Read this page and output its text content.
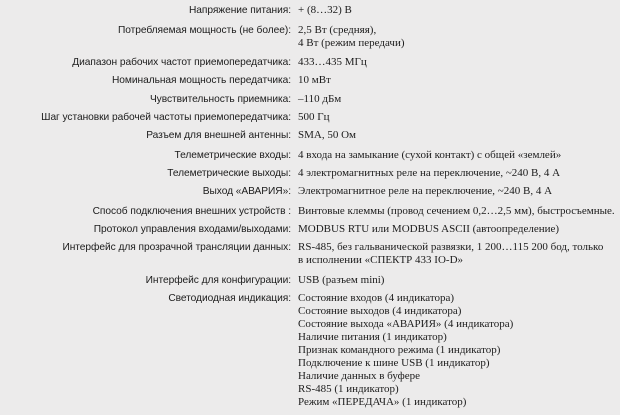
Напряжение питания: + (8…32) В
Потребляемая мощность (не более): 2,5 Вт (средняя),
4 Вт (режим передачи)
Диапазон рабочих частот приемопередатчика: 433…435 МГц
Номинальная мощность передатчика: 10 мВт
Чувствительность приемника: –110 дБм
Шаг установки рабочей частоты приемопередатчика: 500 Гц
Разъем для внешней антенны: SMA, 50 Ом
Телеметрические входы: 4 входа на замыкание (сухой контакт) с общей «землей»
Телеметрические выходы: 4 электромагнитных реле на переключение, ~240 В, 4 А
Выход «АВАРИЯ»: Электромагнитное реле на переключение, ~240 В, 4 А
Способ подключения внешних устройств : Винтовые клеммы (провод сечением 0,2…2,5 мм), быстросъемные.
Протокол управления входами/выходами: MODBUS RTU или MODBUS ASCII (автоопределение)
Интерфейс для прозрачной трансляции данных: RS-485, без гальванической развязки, 1 200…115 200 бод, только
в исполнении «СПЕКТР 433 IO-D»
Интерфейс для конфигурации: USB (разъем mini)
Светодиодная индикация: Состояние входов (4 индикатора)
Состояние выходов (4 индикатора)
Состояние выхода «АВАРИЯ» (4 индикатора)
Наличие питания (1 индикатор)
Признак командного режима (1 индикатор)
Подключение к шине USB (1 индикатор)
Наличие данных в буфере
RS-485 (1 индикатор)
Режим «ПЕРЕДАЧА» (1 индикатор)
